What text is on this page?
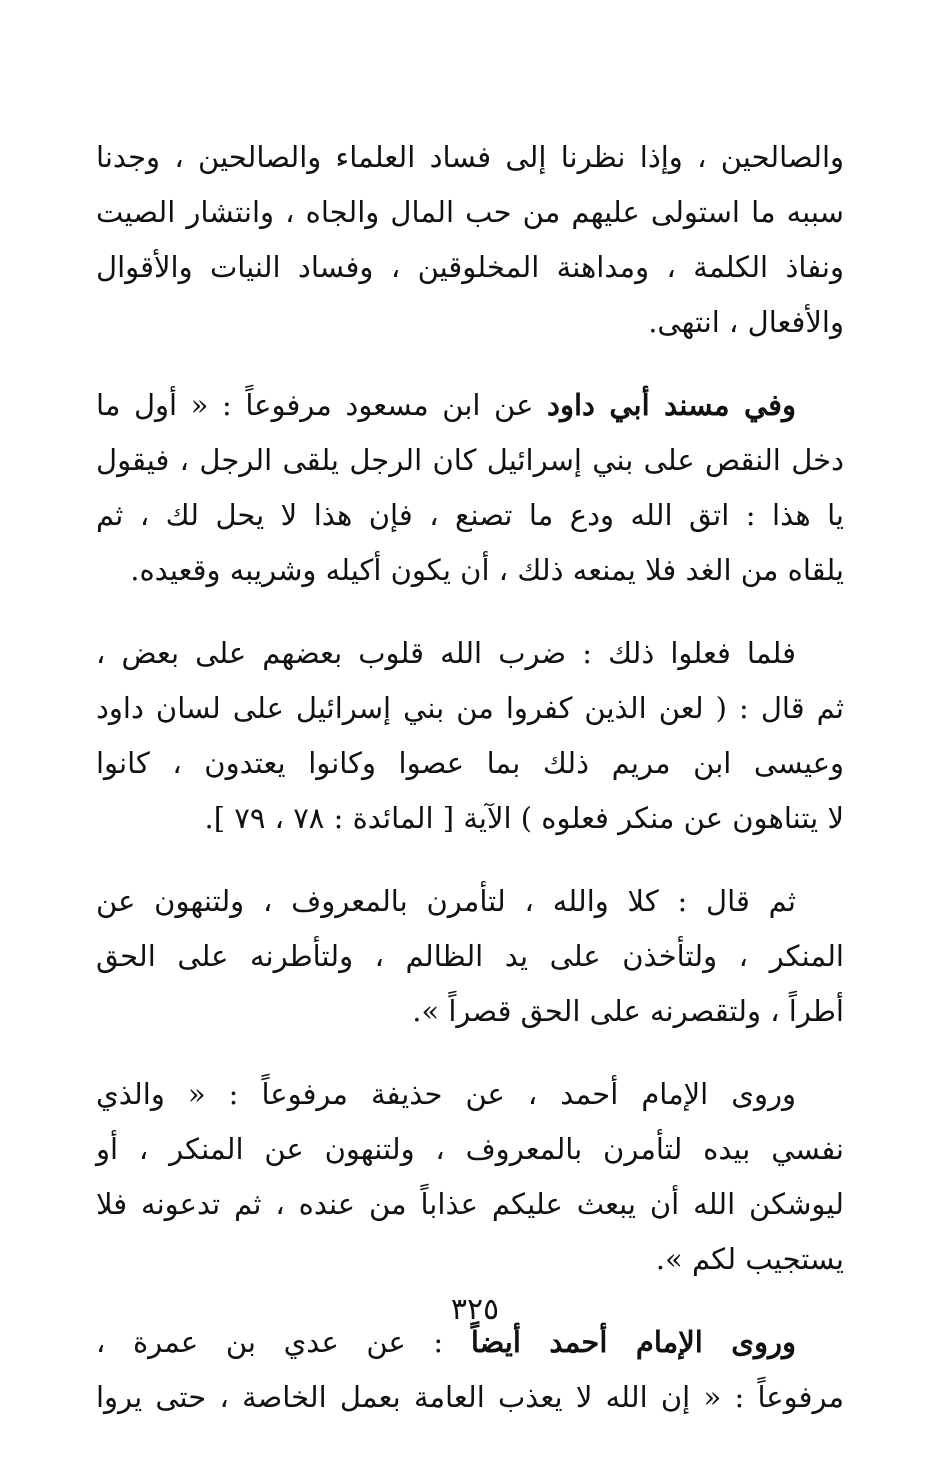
والصالحين ، وإذا نظرنا إلى فساد العلماء والصالحين ، وجدنا
سببه ما استولى عليهم من حب المال والجاه ، وانتشار الصيت
ونفاذ الكلمة ، ومداهنة المخلوقين ، وفساد النيات والأقوال
والأفعال ، انتهى.

وفي مسند أبي داود عن ابن مسعود مرفوعاً : « أول ما
دخل النقص على بني إسرائيل كان الرجل يلقى الرجل ، فيقول
يا هذا : اتق الله ودع ما تصنع ، فإن هذا لا يحل لك ، ثم
يلقاه من الغد فلا يمنعه ذلك ، أن يكون أكيله وشريبه وقعيده.

فلما فعلوا ذلك : ضرب الله قلوب بعضهم على بعض ،
ثم قال : ( لعن الذين كفروا من بني إسرائيل على لسان داود
وعيسى ابن مريم ذلك بما عصوا وكانوا يعتدون ، كانوا
لا يتناهون عن منكر فعلوه ) الآية [ المائدة : ٧٨ ، ٧٩ ].

ثم قال : كلا والله ، لتأمرن بالمعروف ، ولتنهون عن
المنكر ، ولتأخذن على يد الظالم ، ولتأطرنه على الحق
أطراً ، ولتقصرنه على الحق قصراً ».

وروى الإمام أحمد ، عن حذيفة مرفوعاً : « والذي
نفسي بيده لتأمرن بالمعروف ، ولتنهون عن المنكر ، أو
ليوشكن الله أن يبعث عليكم عذاباً من عنده ، ثم تدعونه فلا
يستجيب لكم ».

وروى الإمام أحمد أيضاً : عن عدي بن عمرة ،
مرفوعاً : « إن الله لا يعذب العامة بعمل الخاصة ، حتى يروا

٣٢٥
